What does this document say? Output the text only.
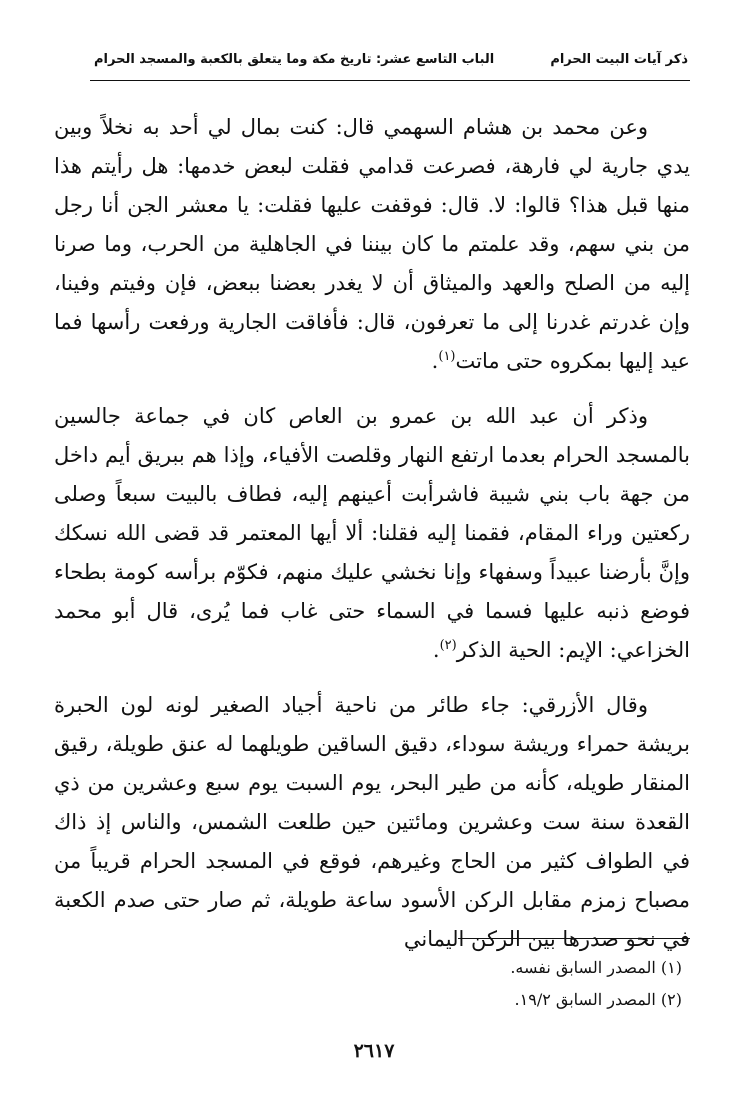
ذكر آيات البيت الحرام
الباب التاسع عشر: تاريخ مكة وما يتعلق بالكعبة والمسجد الحرام

وعن محمد بن هشام السهمي قال: كنت بمال لي أحد به نخلاً وبين يدي جارية لي فارهة، فصرعت قدامي فقلت لبعض خدمها: هل رأيتم هذا منها قبل هذا؟ قالوا: لا. قال: فوقفت عليها فقلت: يا معشر الجن أنا رجل من بني سهم، وقد علمتم ما كان بيننا في الجاهلية من الحرب، وما صرنا إليه من الصلح والعهد والميثاق أن لا يغدر بعضنا ببعض، فإن وفيتم وفينا، وإن غدرتم غدرنا إلى ما تعرفون، قال: فأفاقت الجارية ورفعت رأسها فما عيد إليها بمكروه حتى ماتت$^{(١)}$.

وذكر أن عبد الله بن عمرو بن العاص كان في جماعة جالسين بالمسجد الحرام بعدما ارتفع النهار وقلصت الأفياء، وإذا هم ببريق أيم داخل من جهة باب بني شيبة فاشرأبت أعينهم إليه، فطاف بالبيت سبعاً وصلى ركعتين وراء المقام، فقمنا إليه فقلنا: ألا أيها المعتمر قد قضى الله نسكك وإنَّ بأرضنا عبيداً وسفهاء وإنا نخشي عليك منهم، فكوّم برأسه كومة بطحاء فوضع ذنبه عليها فسما في السماء حتى غاب فما يُرى، قال أبو محمد الخزاعي: الإيم: الحية الذكر$^{(٢)}$.

وقال الأزرقي: جاء طائر من ناحية أجياد الصغير لونه لون الحبرة بريشة حمراء وريشة سوداء، دقيق الساقين طويلهما له عنق طويلة، رقيق المنقار طويله، كأنه من طير البحر، يوم السبت يوم سبع وعشرين من ذي القعدة سنة ست وعشرين ومائتين حين طلعت الشمس، والناس إذ ذاك في الطواف كثير من الحاج وغيرهم، فوقع في المسجد الحرام قريباً من مصباح زمزم مقابل الركن الأسود ساعة طويلة، ثم صار حتى صدم الكعبة في نحو صدرها بين الركن اليماني

(١) المصدر السابق نفسه.

(٢) المصدر السابق ١٩/٢.

٢٦١٧
